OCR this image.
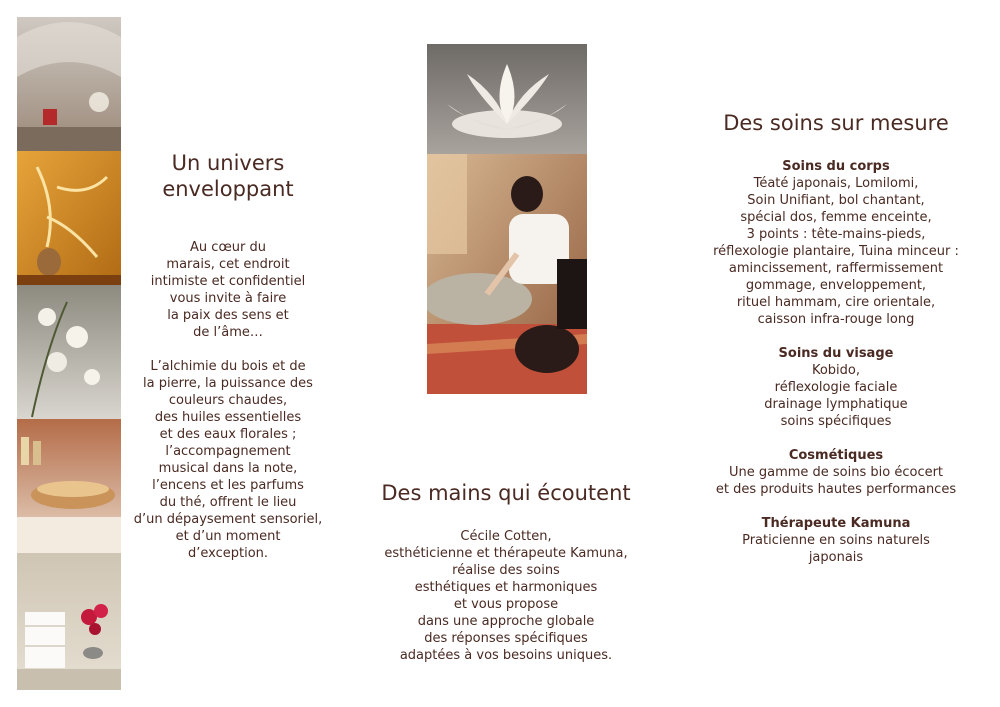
Un univers
enveloppant

Au cœur du
marais, cet endroit
intimiste et confidentiel
vous invite à faire
la paix des sens et
de l’âme…

L’alchimie du bois et de
la pierre, la puissance des
couleurs chaudes,
des huiles essentielles
et des eaux florales ;
l’accompagnement
musical dans la note,
l’encens et les parfums
du thé, offrent le lieu
d’un dépaysement sensoriel,
et d’un moment
d’exception.

Des mains qui écoutent

Cécile Cotten,
esthéticienne et thérapeute Kamuna,
réalise des soins
esthétiques et harmoniques
et vous propose
dans une approche globale
des réponses spécifiques
adaptées à vos besoins uniques.

Des soins sur mesure

Soins du corps

Téaté japonais, Lomilomi,
Soin Unifiant, bol chantant,
spécial dos, femme enceinte,
3 points : tête-mains-pieds,
réflexologie plantaire, Tuina minceur :
amincissement, raffermissement
gommage, enveloppement,
rituel hammam, cire orientale,
caisson infra-rouge long

Soins du visage

Kobido,
réflexologie faciale
drainage lymphatique
soins spécifiques

Cosmétiques

Une gamme de soins bio écocert
et des produits hautes performances

Thérapeute Kamuna

Praticienne en soins naturels
japonais
